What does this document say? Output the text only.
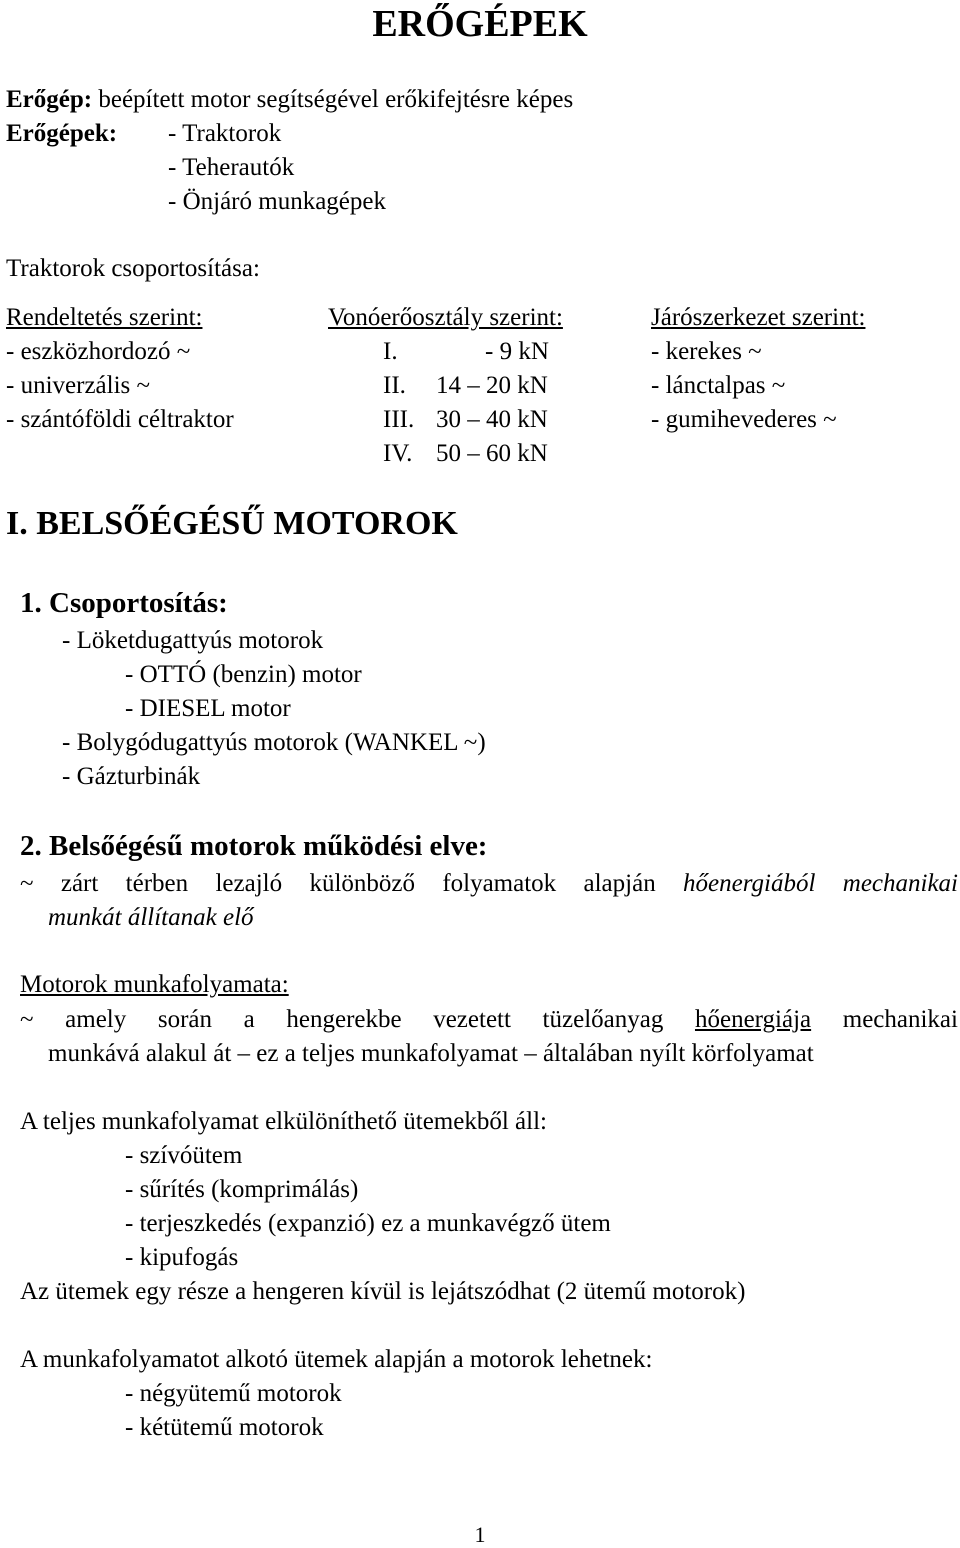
ERŐGÉPEK
Erőgép: beépített motor segítségével erőkifejtésre képes
Erőgépek: - Traktorok
- Teherautók
- Önjáró munkagépek
Traktorok csoportosítása:
Rendeltetés szerint:
- eszközhordozó ~
- univerzális ~
- szántóföldi céltraktor
Vonóerőosztály szerint:
I.	- 9 kN
II. 14 – 20 kN
III. 30 – 40 kN
IV. 50 – 60 kN
Járószerkezet szerint:
- kerekes ~
- lánctalpas ~
- gumihevederes ~
I. BELSŐÉGÉSŰ MOTOROK
1. Csoportosítás:
- Löketdugattyús motorok
- OTTÓ (benzin) motor
- DIESEL motor
- Bolygódugattyús motorok (WANKEL ~)
- Gázturbinák
2. Belsőégésű motorok működési elve:
~ zárt térben lezajló különböző folyamatok alapján hőenergiából mechanikai
munkát állítanak elő
Motorok munkafolyamata:
~ amely során a hengerekbe vezetett tüzelőanyag hőenergiája mechanikai
munkává alakul át – ez a teljes munkafolyamat – általában nyílt körfolyamat
A teljes munkafolyamat elkülöníthető ütemekből áll:
- szívóütem
- sűrítés (komprimálás)
- terjeszkedés (expanzió) ez a munkavégző ütem
- kipufogás
Az ütemek egy része a hengeren kívül is lejátszódhat (2 ütemű motorok)
A munkafolyamatot alkotó ütemek alapján a motorok lehetnek:
- négyütemű motorok
- kétütemű motorok
1
